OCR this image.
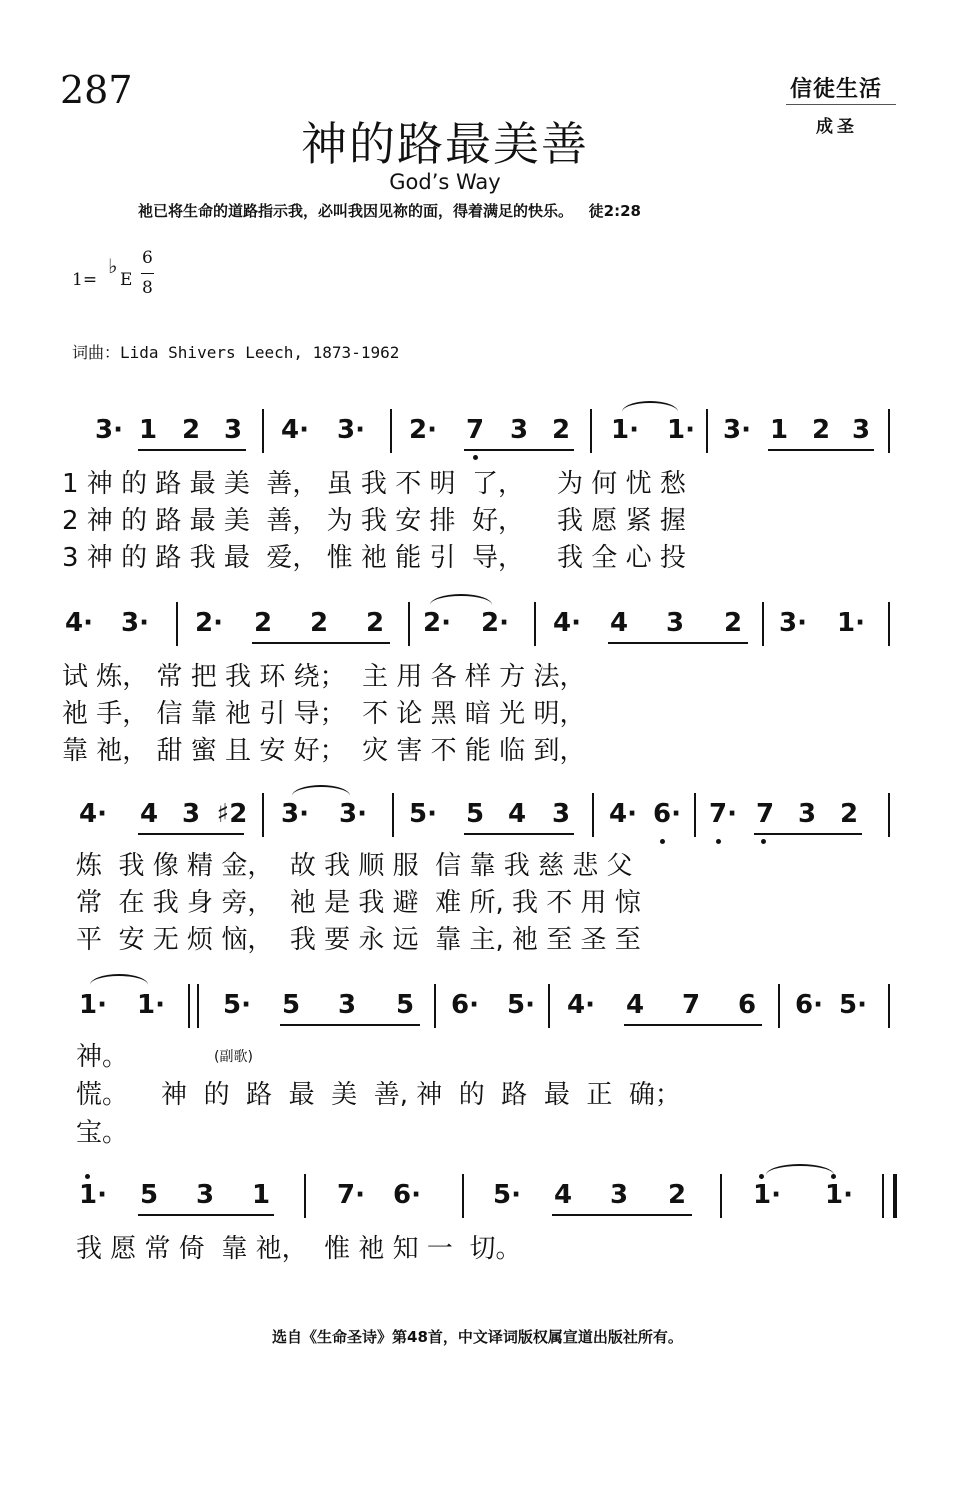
287	信徒生活
成圣
神的路最美善
God’s Way
祂已将生命的道路指示我，必叫我因见祢的面，得着满足的快乐。   徒2:28
1=
♭
E
6
8
词曲：Lida Shivers Leech, 1873-1962
3· 1 2 3 4· 3· 2· 7 3 2 1· 1· 3· 1 2 3
1 神 的 路 最 美  善， 虽 我 不 明  了，    为 何 忧 愁
2 神 的 路 最 美  善， 为 我 安 排  好，    我 愿 紧 握
3 神 的 路 我 最  爱， 惟 祂 能 引  导，    我 全 心 投
4· 3· 2· 2 2 2 2· 2· 4· 4 3 2 3· 1·
试 炼， 常 把 我 环 绕；  主 用 各 样 方 法，
祂 手， 信 靠 祂 引 导；  不 论 黑 暗 光 明，
靠 祂， 甜 蜜 且 安 好；  灾 害 不 能 临 到，
4· 4 3 ♯2 3· 3· 5· 5 4 3 4· 6· 7· 7 3 2
炼  我 像 精 金，  故 我 顺 服  信 靠 我 慈 悲 父
常  在 我 身 旁，  祂 是 我 避  难 所, 我 不 用 惊
平  安 无 烦 恼，  我 要 永 远  靠 主, 祂 至 圣 至
1· 1· 5· 5 3 5 6· 5· 4· 4 7 6 6· 5·
(副歌)
神。
慌。    神  的  路  最  美  善, 神  的  路  最  正  确；
宝。
1· 5 3 1	7· 6·	5· 4 3 2	1· 1·
我 愿 常 倚  靠 祂，  惟 祂 知 一  切。
选自《生命圣诗》第48首，中文译词版权属宣道出版社所有。
